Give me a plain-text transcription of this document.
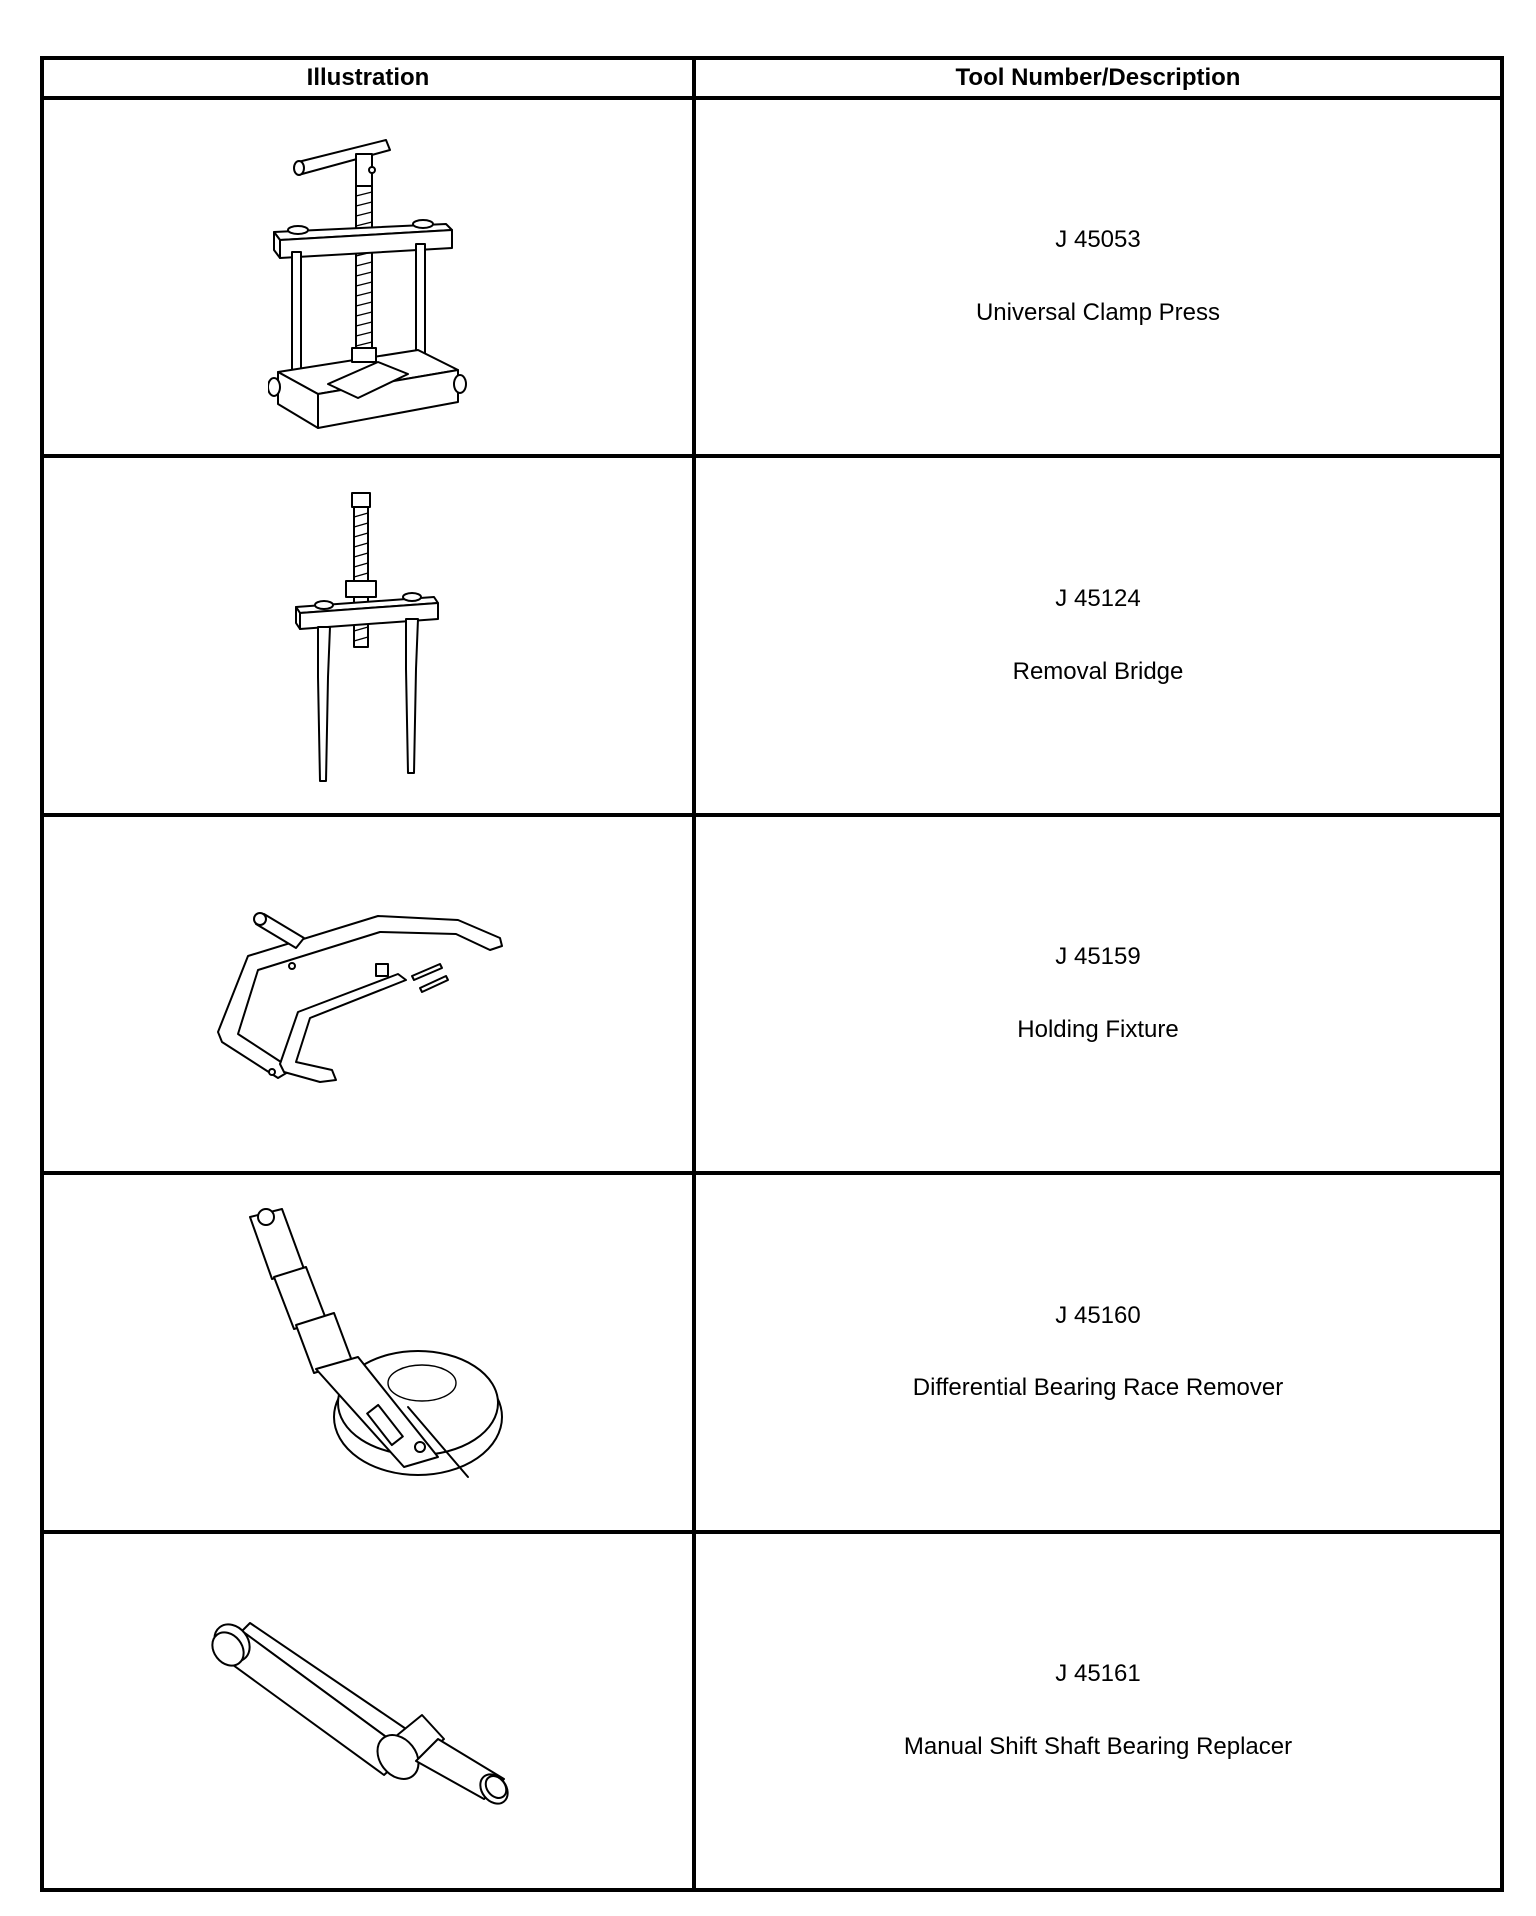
Illustration	Tool Number/Description

J 45053
Universal Clamp Press

J 45124
Removal Bridge

J 45159
Holding Fixture

J 45160
Differential Bearing Race Remover

J 45161
Manual Shift Shaft Bearing Replacer
